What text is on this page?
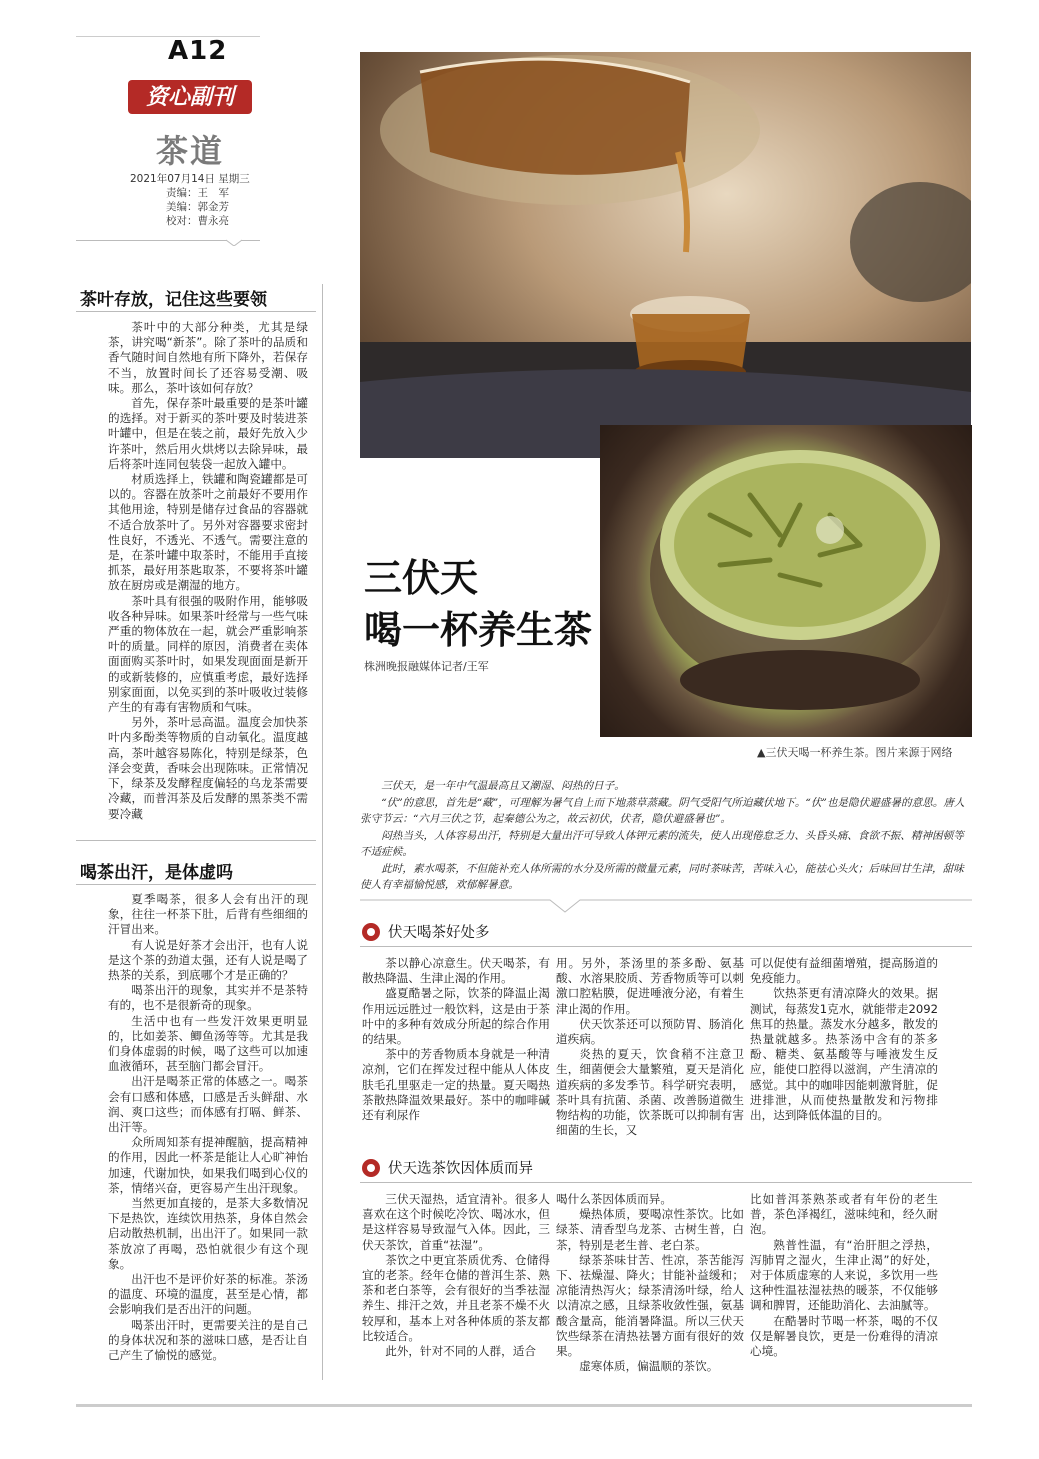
A12
资心副刊
茶道
2021年07月14日 星期三
责编：王　军
美编：郭金芳
校对：曹永亮
茶叶存放，记住这些要领

茶叶中的大部分种类，尤其是绿茶，讲究喝“新茶”。除了茶叶的品质和香气随时间自然地有所下降外，若保存不当，放置时间长了还容易受潮、吸味。那么，茶叶该如何存放？

首先，保存茶叶最重要的是茶叶罐的选择。对于新买的茶叶要及时装进茶叶罐中，但是在装之前，最好先放入少许茶叶，然后用火烘烤以去除异味，最后将茶叶连同包装袋一起放入罐中。

材质选择上，铁罐和陶瓷罐都是可以的。容器在放茶叶之前最好不要用作其他用途，特别是储存过食品的容器就不适合放茶叶了。另外对容器要求密封性良好，不透光、不透气。需要注意的是，在茶叶罐中取茶时，不能用手直接抓茶，最好用茶匙取茶，不要将茶叶罐放在厨房或是潮湿的地方。

茶叶具有很强的吸附作用，能够吸收各种异味。如果茶叶经常与一些气味严重的物体放在一起，就会严重影响茶叶的质量。同样的原因，消费者在卖体面面购买茶叶时，如果发现面面是新开的或新装修的，应慎重考虑，最好选择别家面面，以免买到的茶叶吸收过装修产生的有毒有害物质和气味。

另外，茶叶忌高温。温度会加快茶叶内多酚类等物质的自动氧化。温度越高，茶叶越容易陈化，特别是绿茶，色泽会变黄，香味会出现陈味。正常情况下，绿茶及发酵程度偏轻的乌龙茶需要冷藏，而普洱茶及后发酵的黑茶类不需要冷藏

喝茶出汗，是体虚吗

夏季喝茶，很多人会有出汗的现象，往往一杯茶下肚，后背有些细细的汗冒出来。

有人说是好茶才会出汗，也有人说是这个茶的劲道太强，还有人说是喝了热茶的关系，到底哪个才是正确的？

喝茶出汗的现象，其实并不是茶特有的，也不是很新奇的现象。

生活中也有一些发汗效果更明显的，比如姜茶、鲫鱼汤等等。尤其是我们身体虚弱的时候，喝了这些可以加速血液循环，甚至脑门都会冒汗。

出汗是喝茶正常的体感之一。喝茶会有口感和体感，口感是舌头鲜甜、水润、爽口这些；而体感有打嗝、鲜茶、出汗等。

众所周知茶有提神醒脑，提高精神的作用，因此一杯茶是能让人心旷神怡加速，代谢加快，如果我们喝到心仪的茶，情绪兴奋，更容易产生出汗现象。

当然更加直接的，是茶大多数情况下是热饮，连续饮用热茶，身体自然会启动散热机制，出出汗了。如果同一款茶放凉了再喝，恐怕就很少有这个现象。

出汗也不是评价好茶的标准。茶汤的温度、环境的温度，甚至是心情，都会影响我们是否出汗的问题。

喝茶出汗时，更需要关注的是自己的身体状况和茶的滋味口感，是否让自己产生了愉悦的感觉。

三伏天
喝一杯养生茶
株洲晚报融媒体记者/王军
▲三伏天喝一杯养生茶。图片来源于网络

三伏天，是一年中气温最高且又潮湿、闷热的日子。

“伏”的意思，首先是“藏”，可理解为暑气自上而下地蒸草蒸藏。阴气受阳气所迫藏伏地下。“伏”也是隐伏避盛暑的意思。唐人张守节云：“六月三伏之节，起秦德公为之，故云初伏，伏者，隐伏避盛暑也”。

闷热当头，人体容易出汗，特别是大量出汗可导致人体钾元素的流失，使人出现倦怠乏力、头昏头痛、食欲不振、精神困顿等不适症候。

此时，素水喝茶，不但能补充人体所需的水分及所需的微量元素，同时茶味苦，苦味入心，能祛心头火；后味回甘生津，甜味使人有幸福愉悦感，欢郁解暑意。

伏天喝茶好处多

茶以静心凉意生。伏天喝茶，有散热降温、生津止渴的作用。

盛夏酷暑之际，饮茶的降温止渴作用远远胜过一般饮料，这是由于茶叶中的多种有效成分所起的综合作用的结果。

茶中的芳香物质本身就是一种清凉剂，它们在挥发过程中能从人体皮肤毛孔里驱走一定的热量。夏天喝热茶散热降温效果最好。茶中的咖啡碱还有利尿作

用。另外，茶汤里的茶多酚、氨基酸、水溶果胶质、芳香物质等可以刺激口腔粘膜，促进唾液分泌，有着生津止渴的作用。

伏天饮茶还可以预防胃、肠消化道疾病。

炎热的夏天，饮食稍不注意卫生，细菌便会大量繁殖，夏天是消化道疾病的多发季节。科学研究表明，茶叶具有抗菌、杀菌、改善肠道微生物结构的功能，饮茶既可以抑制有害细菌的生长，又

可以促使有益细菌增殖，提高肠道的免疫能力。

饮热茶更有清凉降火的效果。据测试，每蒸发1克水，就能带走2092焦耳的热量。蒸发水分越多，散发的热量就越多。热茶汤中含有的茶多酚、糖类、氨基酸等与唾液发生反应，能使口腔得以滋润，产生清凉的感觉。其中的咖啡因能刺激肾脏，促进排泄，从而使热量散发和污物排出，达到降低体温的目的。

伏天选茶饮因体质而异

三伏天湿热，适宜清补。很多人喜欢在这个时候吃冷饮、喝冰水，但是这样容易导致湿气入体。因此，三伏天茶饮，首重“祛湿”。

茶饮之中更宜茶质优秀、仓储得宜的老茶。经年仓储的普洱生茶、熟茶和老白茶等，会有很好的当季祛湿养生、排汗之效，并且老茶不燥不火较厚和，基本上对各种体质的茶友都比较适合。

此外，针对不同的人群，适合

喝什么茶因体质而异。

燥热体质，要喝凉性茶饮。比如绿茶、清香型乌龙茶、古树生普，白茶，特别是老生普、老白茶。

绿茶茶味甘苦、性凉，茶苦能泻下、祛燥湿、降火；甘能补益缓和；凉能清热泻火；绿茶清汤叶绿，给人以清凉之感，且绿茶收敛性强，氨基酸含量高，能消暑降温。所以三伏天饮些绿茶在清热祛暑方面有很好的效果。

虚寒体质，偏温顺的茶饮。

比如普洱茶熟茶或者有年份的老生普，茶色泽褐红，滋味纯和，经久耐泡。

熟普性温，有“治肝胆之浮热，泻肺胃之湿火，生津止渴”的好处，对于体质虚寒的人来说，多饮用一些这种性温祛湿祛热的暖茶，不仅能够调和脾胃，还能助消化、去油腻等。

在酷暑时节喝一杯茶，喝的不仅仅是解暑良饮，更是一份难得的清凉心境。
